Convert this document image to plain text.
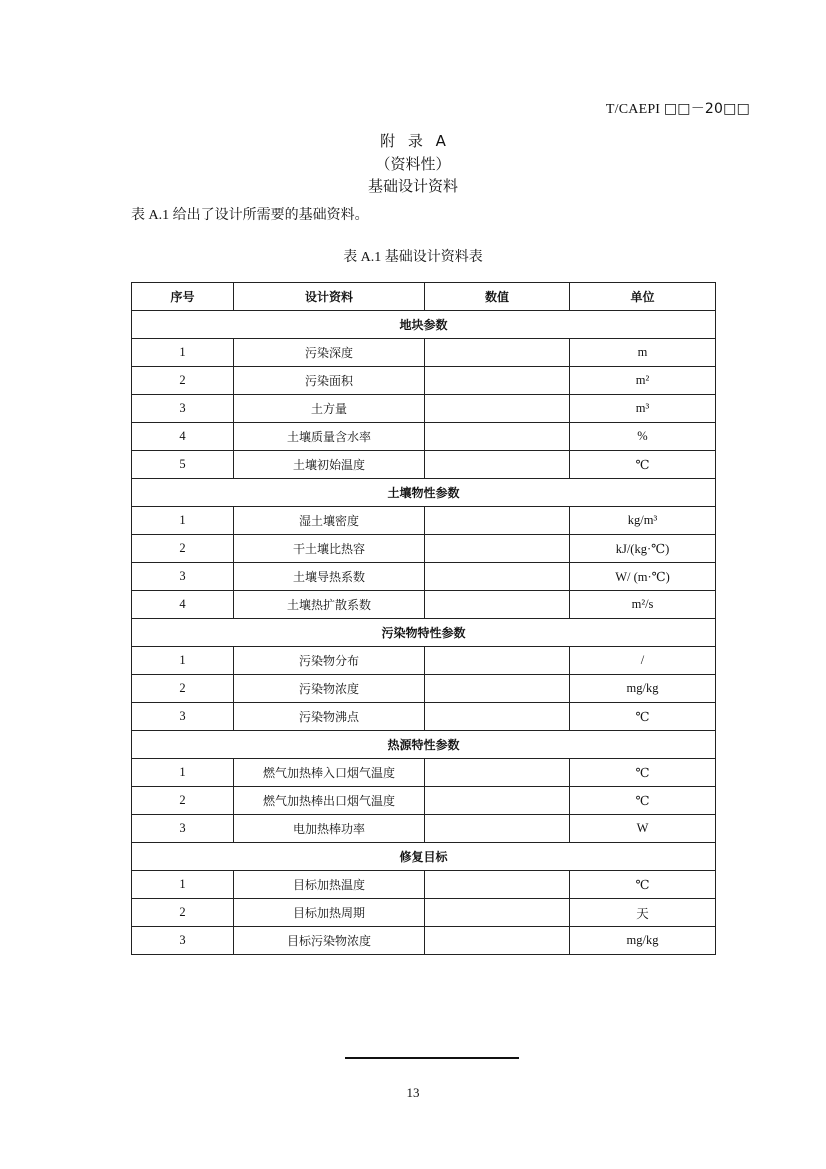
T/CAEPI □□－20□□
附 录 A
（资料性）
基础设计资料
表 A.1 给出了设计所需要的基础资料。
表 A.1 基础设计资料表
序号	设计资料	数值	单位
地块参数			
1	污染深度		m
2	污染面积		m²
3	土方量		m³
4	土壤质量含水率		%
5	土壤初始温度		℃
土壤物性参数			
1	湿土壤密度		kg/m³
2	干土壤比热容		kJ/(kg·℃)
3	土壤导热系数		W/ (m·℃)
4	土壤热扩散系数		m²/s
污染物特性参数			
1	污染物分布		/
2	污染物浓度		mg/kg
3	污染物沸点		℃
热源特性参数			
1	燃气加热棒入口烟气温度		℃
2	燃气加热棒出口烟气温度		℃
3	电加热棒功率		W
修复目标			
1	目标加热温度		℃
2	目标加热周期		天
3	目标污染物浓度		mg/kg
13
